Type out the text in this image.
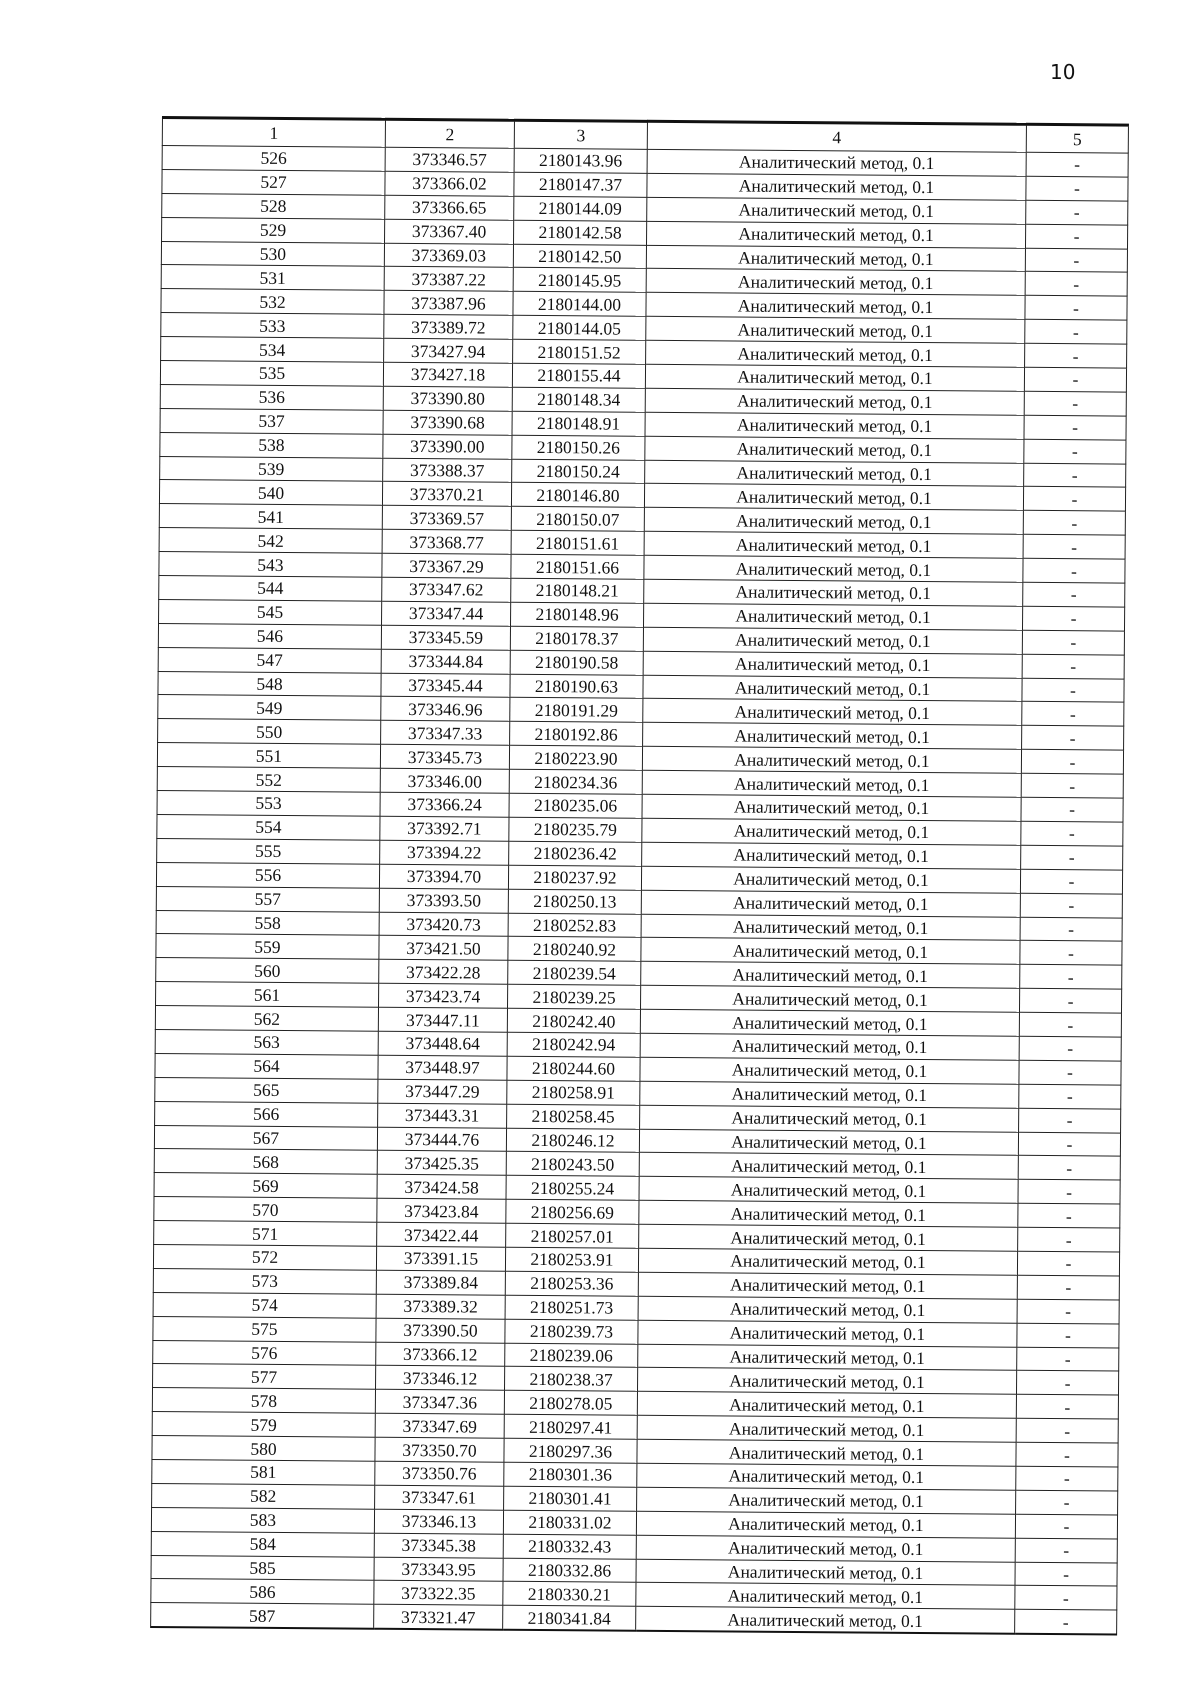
10
1	2	3	4	5
526	373346.57	2180143.96	Аналитический метод, 0.1	-
527	373366.02	2180147.37	Аналитический метод, 0.1	-
528	373366.65	2180144.09	Аналитический метод, 0.1	-
529	373367.40	2180142.58	Аналитический метод, 0.1	-
530	373369.03	2180142.50	Аналитический метод, 0.1	-
531	373387.22	2180145.95	Аналитический метод, 0.1	-
532	373387.96	2180144.00	Аналитический метод, 0.1	-
533	373389.72	2180144.05	Аналитический метод, 0.1	-
534	373427.94	2180151.52	Аналитический метод, 0.1	-
535	373427.18	2180155.44	Аналитический метод, 0.1	-
536	373390.80	2180148.34	Аналитический метод, 0.1	-
537	373390.68	2180148.91	Аналитический метод, 0.1	-
538	373390.00	2180150.26	Аналитический метод, 0.1	-
539	373388.37	2180150.24	Аналитический метод, 0.1	-
540	373370.21	2180146.80	Аналитический метод, 0.1	-
541	373369.57	2180150.07	Аналитический метод, 0.1	-
542	373368.77	2180151.61	Аналитический метод, 0.1	-
543	373367.29	2180151.66	Аналитический метод, 0.1	-
544	373347.62	2180148.21	Аналитический метод, 0.1	-
545	373347.44	2180148.96	Аналитический метод, 0.1	-
546	373345.59	2180178.37	Аналитический метод, 0.1	-
547	373344.84	2180190.58	Аналитический метод, 0.1	-
548	373345.44	2180190.63	Аналитический метод, 0.1	-
549	373346.96	2180191.29	Аналитический метод, 0.1	-
550	373347.33	2180192.86	Аналитический метод, 0.1	-
551	373345.73	2180223.90	Аналитический метод, 0.1	-
552	373346.00	2180234.36	Аналитический метод, 0.1	-
553	373366.24	2180235.06	Аналитический метод, 0.1	-
554	373392.71	2180235.79	Аналитический метод, 0.1	-
555	373394.22	2180236.42	Аналитический метод, 0.1	-
556	373394.70	2180237.92	Аналитический метод, 0.1	-
557	373393.50	2180250.13	Аналитический метод, 0.1	-
558	373420.73	2180252.83	Аналитический метод, 0.1	-
559	373421.50	2180240.92	Аналитический метод, 0.1	-
560	373422.28	2180239.54	Аналитический метод, 0.1	-
561	373423.74	2180239.25	Аналитический метод, 0.1	-
562	373447.11	2180242.40	Аналитический метод, 0.1	-
563	373448.64	2180242.94	Аналитический метод, 0.1	-
564	373448.97	2180244.60	Аналитический метод, 0.1	-
565	373447.29	2180258.91	Аналитический метод, 0.1	-
566	373443.31	2180258.45	Аналитический метод, 0.1	-
567	373444.76	2180246.12	Аналитический метод, 0.1	-
568	373425.35	2180243.50	Аналитический метод, 0.1	-
569	373424.58	2180255.24	Аналитический метод, 0.1	-
570	373423.84	2180256.69	Аналитический метод, 0.1	-
571	373422.44	2180257.01	Аналитический метод, 0.1	-
572	373391.15	2180253.91	Аналитический метод, 0.1	-
573	373389.84	2180253.36	Аналитический метод, 0.1	-
574	373389.32	2180251.73	Аналитический метод, 0.1	-
575	373390.50	2180239.73	Аналитический метод, 0.1	-
576	373366.12	2180239.06	Аналитический метод, 0.1	-
577	373346.12	2180238.37	Аналитический метод, 0.1	-
578	373347.36	2180278.05	Аналитический метод, 0.1	-
579	373347.69	2180297.41	Аналитический метод, 0.1	-
580	373350.70	2180297.36	Аналитический метод, 0.1	-
581	373350.76	2180301.36	Аналитический метод, 0.1	-
582	373347.61	2180301.41	Аналитический метод, 0.1	-
583	373346.13	2180331.02	Аналитический метод, 0.1	-
584	373345.38	2180332.43	Аналитический метод, 0.1	-
585	373343.95	2180332.86	Аналитический метод, 0.1	-
586	373322.35	2180330.21	Аналитический метод, 0.1	-
587	373321.47	2180341.84	Аналитический метод, 0.1	-
